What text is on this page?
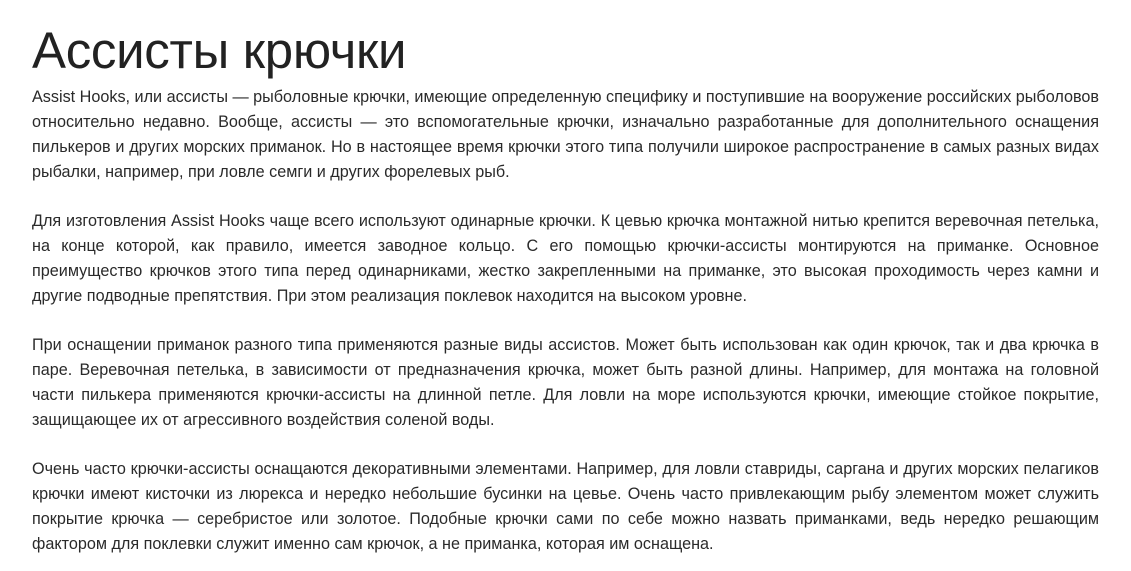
Ассисты крючки

Assist Hooks, или ассисты — рыболовные крючки, имеющие определенную специфику и поступившие на вооружение российских рыболовов относительно недавно. Вообще, ассисты — это вспомогательные крючки, изначально разработанные для дополнительного оснащения пилькеров и других морских приманок. Но в настоящее время крючки этого типа получили широкое распространение в самых разных видах рыбалки, например, при ловле семги и других форелевых рыб.

Для изготовления Assist Hooks чаще всего используют одинарные крючки. К цевью крючка монтажной нитью крепится веревочная петелька, на конце которой, как правило, имеется заводное кольцо. С его помощью крючки-ассисты монтируются на приманке. Основное преимущество крючков этого типа перед одинарниками, жестко закрепленными на приманке, это высокая проходимость через камни и другие подводные препятствия. При этом реализация поклевок находится на высоком уровне.

При оснащении приманок разного типа применяются разные виды ассистов. Может быть использован как один крючок, так и два крючка в паре. Веревочная петелька, в зависимости от предназначения крючка, может быть разной длины. Например, для монтажа на головной части пилькера применяются крючки-ассисты на длинной петле. Для ловли на море используются крючки, имеющие стойкое покрытие, защищающее их от агрессивного воздействия соленой воды.

Очень часто крючки-ассисты оснащаются декоративными элементами. Например, для ловли ставриды, саргана и других морских пелагиков крючки имеют кисточки из люрекса и нередко небольшие бусинки на цевье. Очень часто привлекающим рыбу элементом может служить покрытие крючка — серебристое или золотое. Подобные крючки сами по себе можно назвать приманками, ведь нередко решающим фактором для поклевки служит именно сам крючок, а не приманка, которая им оснащена.
